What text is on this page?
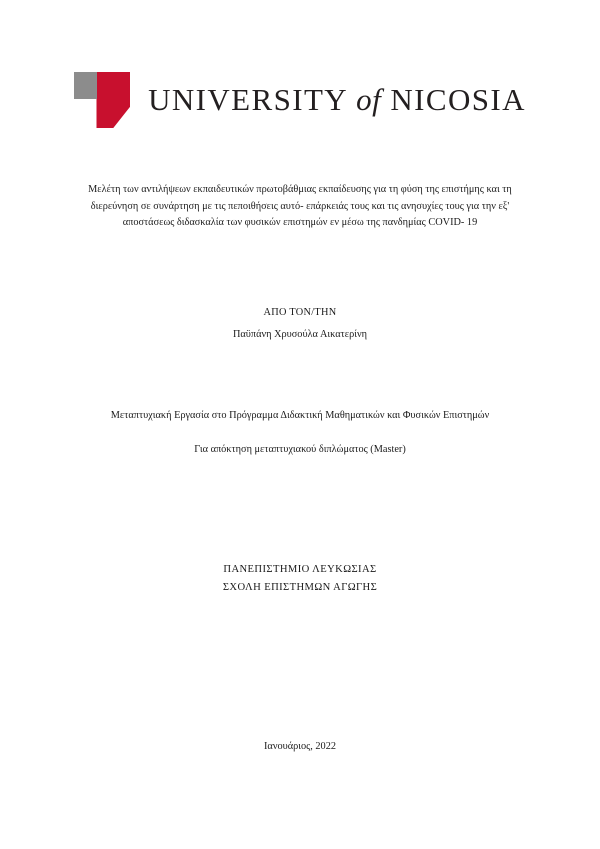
UNIVERSITY of NICOSIA
Μελέτη των αντιλήψεων εκπαιδευτικών πρωτοβάθμιας εκπαίδευσης για τη φύση της επιστήμης και τη διερεύνηση σε συνάρτηση με τις πεποιθήσεις αυτό- επάρκειάς τους και τις ανησυχίες τους για την εξ' αποστάσεως διδασκαλία των φυσικών επιστημών εν μέσω της πανδημίας COVID- 19
ΑΠΟ ΤΟΝ/ΤΗΝ
Παϋπάνη Χρυσούλα Αικατερίνη
Μεταπτυχιακή Εργασία στο Πρόγραμμα Διδακτική Μαθηματικών και Φυσικών Επιστημών
Για απόκτηση μεταπτυχιακού διπλώματος (Master)
ΠΑΝΕΠΙΣΤΗΜΙΟ ΛΕΥΚΩΣΙΑΣ
ΣΧΟΛΗ ΕΠΙΣΤΗΜΩΝ ΑΓΩΓΗΣ
Ιανουάριος, 2022
